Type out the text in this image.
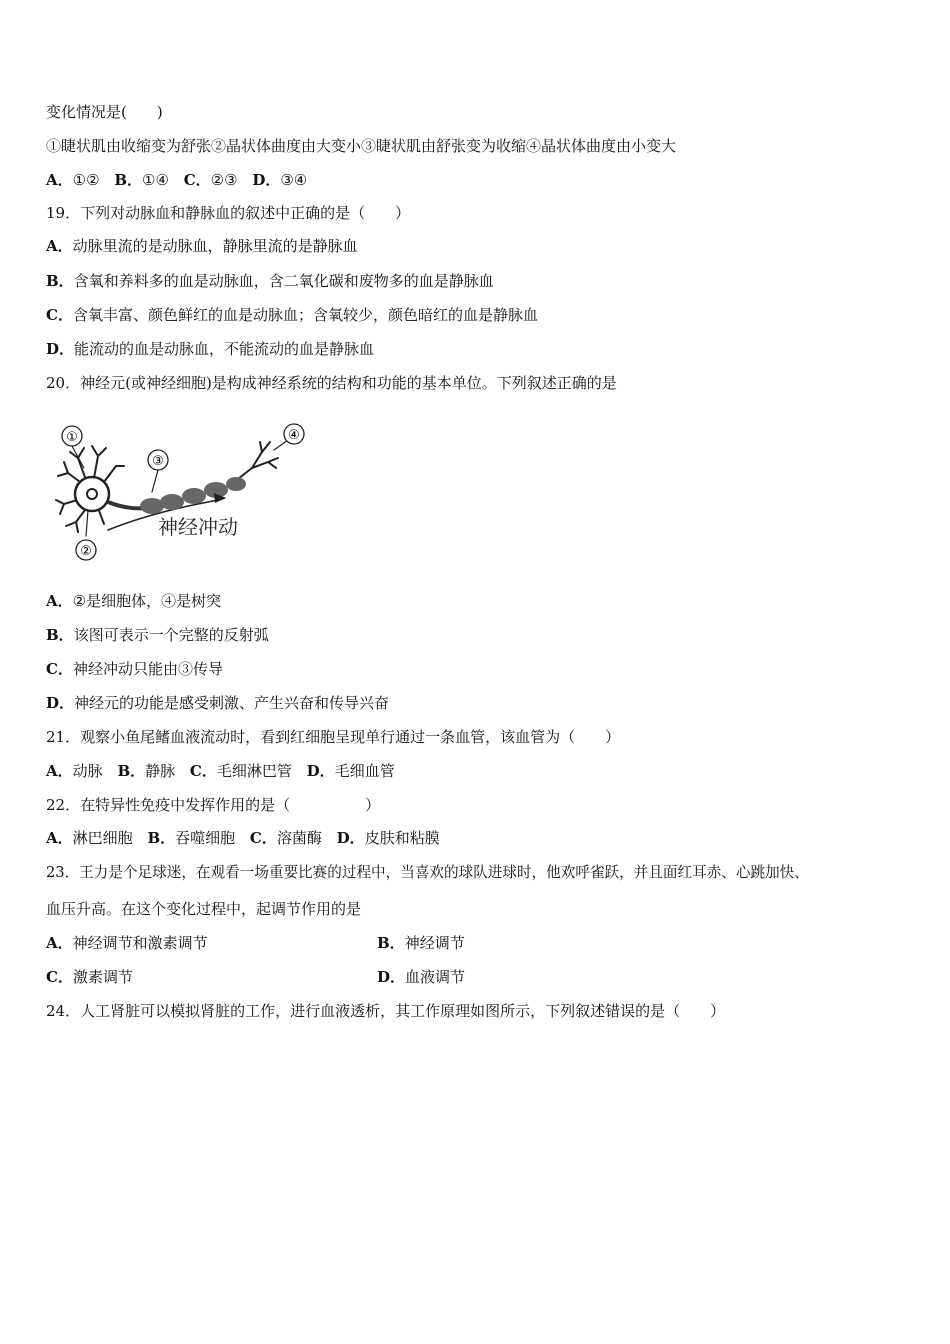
变化情况是(　　)
①睫状肌由收缩变为舒张②晶状体曲度由大变小③睫状肌由舒张变为收缩④晶状体曲度由小变大
A．①② B．①④ C．②③ D．③④
19．下列对动脉血和静脉血的叙述中正确的是（　　）
A．动脉里流的是动脉血，静脉里流的是静脉血
B．含氧和养料多的血是动脉血，含二氧化碳和废物多的血是静脉血
C．含氧丰富、颜色鲜红的血是动脉血；含氧较少，颜色暗红的血是静脉血
D．能流动的血是动脉血，不能流动的血是静脉血
20．神经元(或神经细胞)是构成神经系统的结构和功能的基本单位。下列叙述正确的是
①
②
③
④
神经冲动
A．②是细胞体，④是树突
B．该图可表示一个完整的反射弧
C．神经冲动只能由③传导
D．神经元的功能是感受刺激、产生兴奋和传导兴奋
21．观察小鱼尾鳍血液流动时，看到红细胞呈现单行通过一条血管，该血管为（　　）
A．动脉 B．静脉 C．毛细淋巴管 D．毛细血管
22．在特异性免疫中发挥作用的是（　　　　　）
A．淋巴细胞 B．吞噬细胞 C．溶菌酶 D．皮肤和粘膜
23．王力是个足球迷，在观看一场重要比赛的过程中，当喜欢的球队进球时，他欢呼雀跃，并且面红耳赤、心跳加快、
血压升高。在这个变化过程中，起调节作用的是
A．神经调节和激素调节	B．神经调节
C．激素调节	D．血液调节
24．人工肾脏可以模拟肾脏的工作，进行血液透析，其工作原理如图所示，下列叙述错误的是（　　）
